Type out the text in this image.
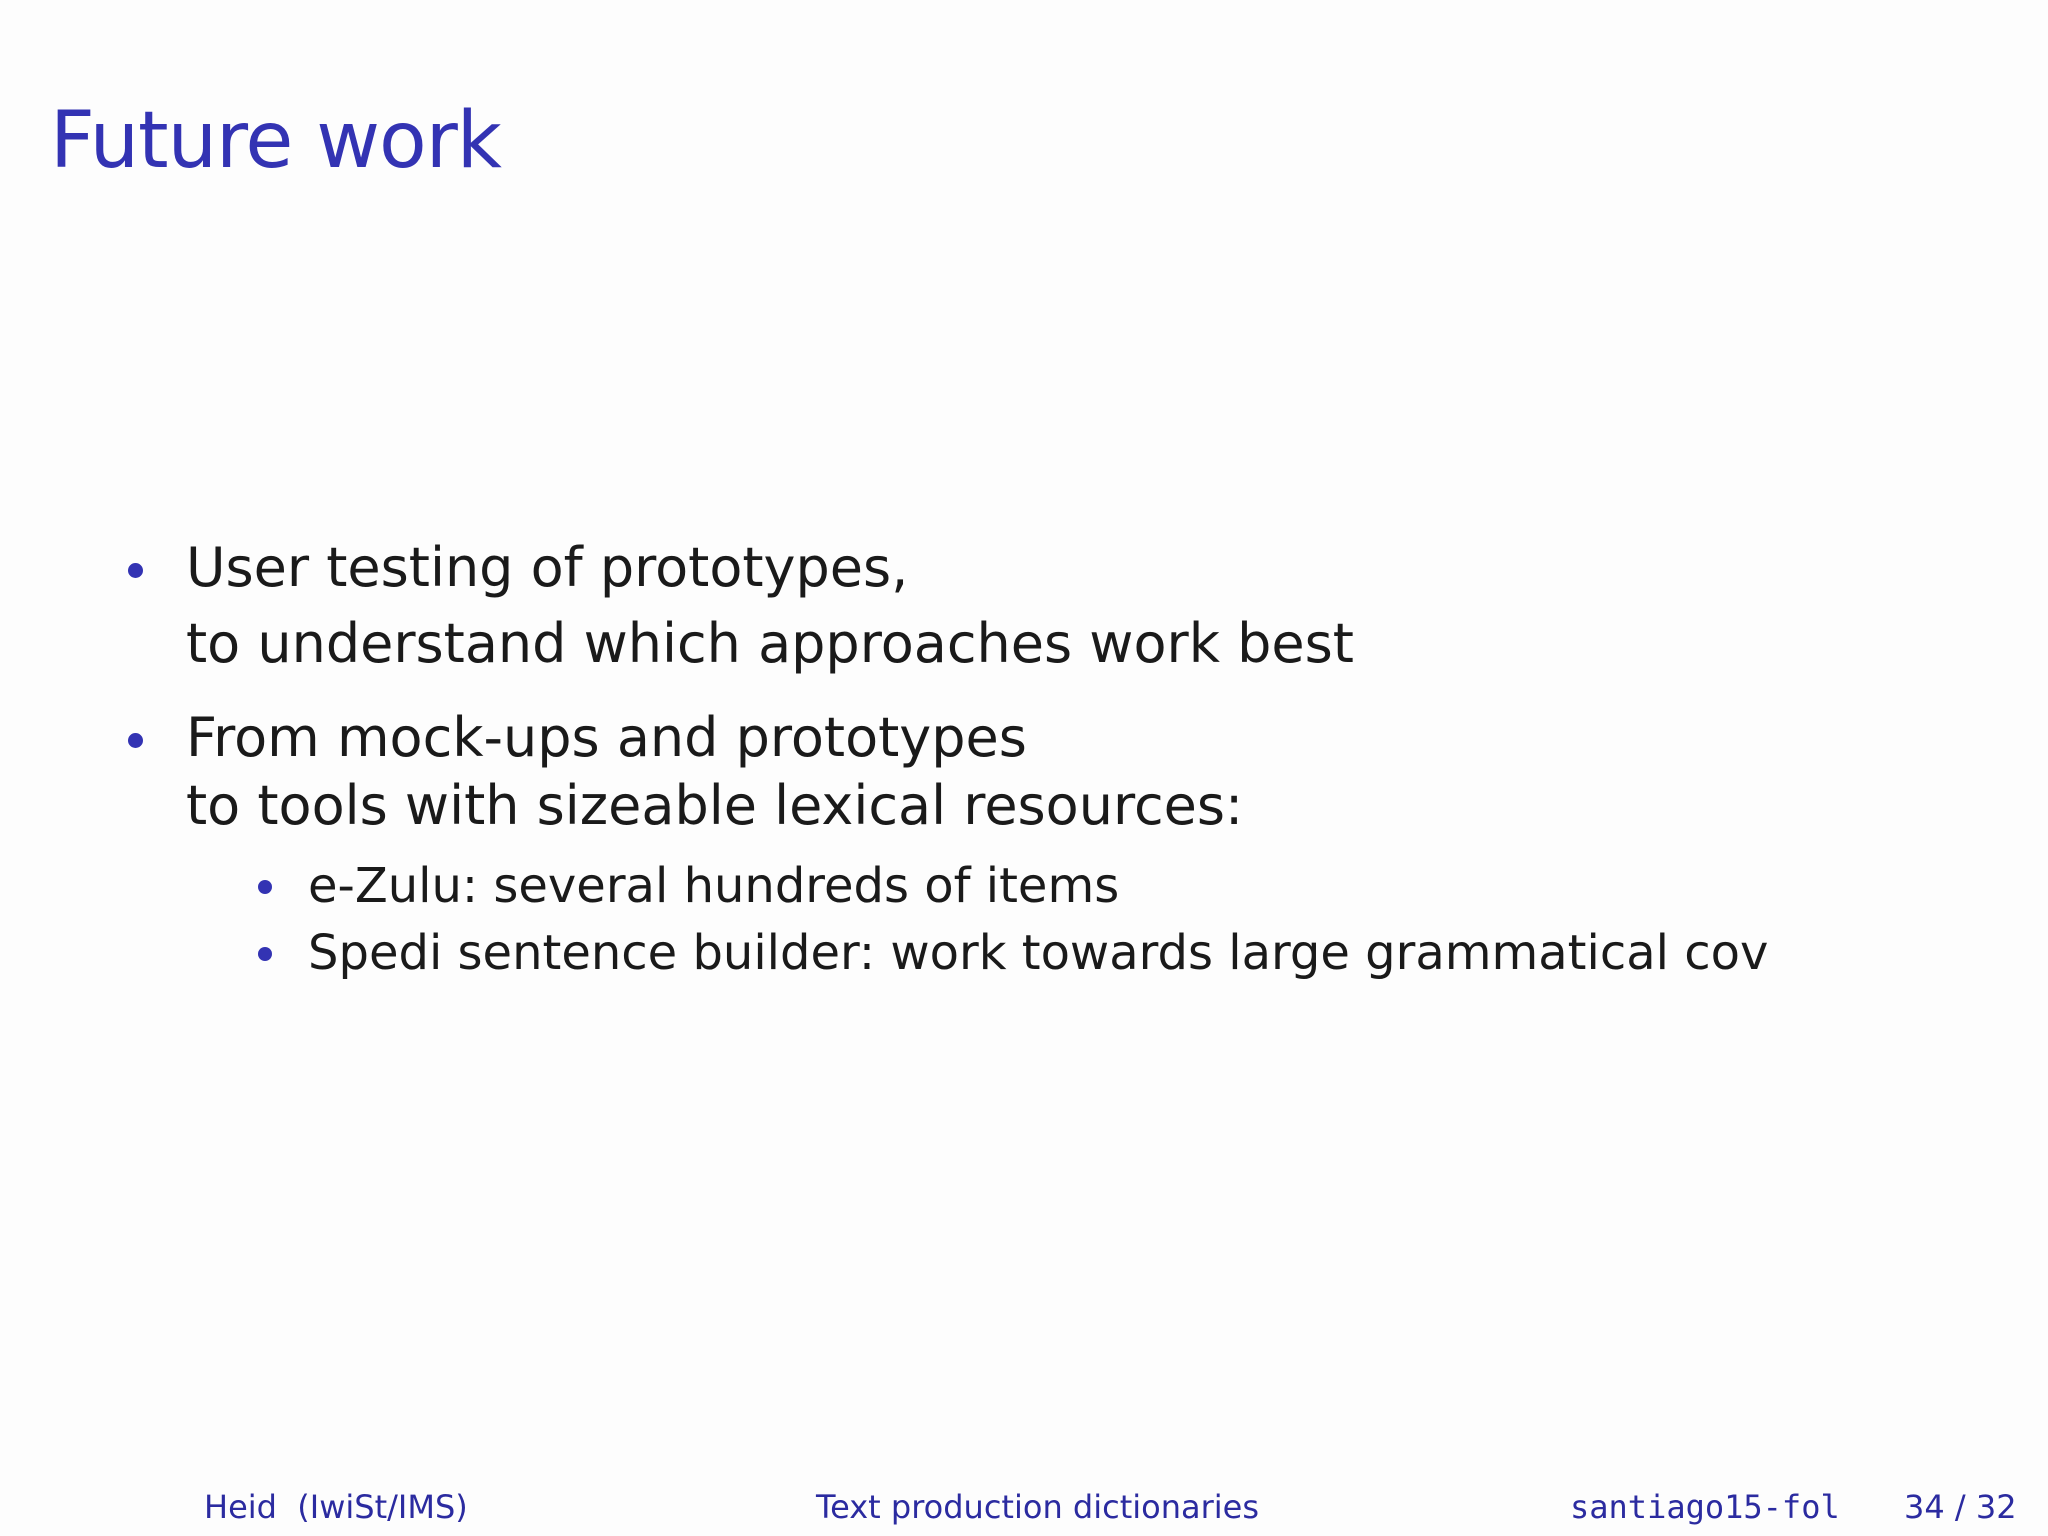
Future work
User testing of prototypes,
to understand which approaches work best
From mock-ups and prototypes
to tools with sizeable lexical resources:
e-Zulu: several hundreds of items
Spedi sentence builder: work towards large grammatical cov
Heid  (IwiSt/IMS)	Text production dictionaries	santiago15-fol 34 / 32
